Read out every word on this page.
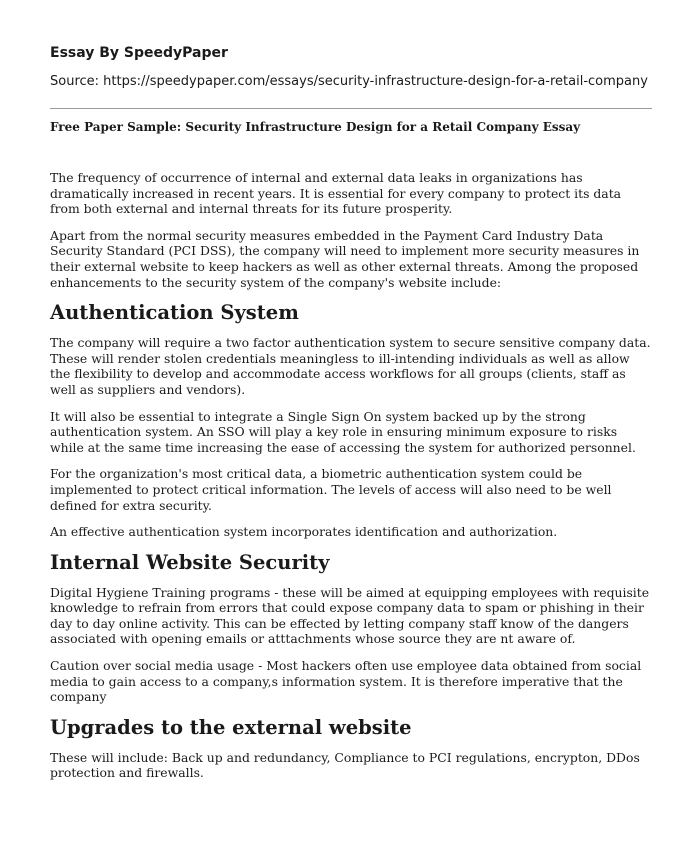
Essay By SpeedyPaper
Source: https://speedypaper.com/essays/security-infrastructure-design-for-a-retail-company
Free Paper Sample: Security Infrastructure Design for a Retail Company Essay

The frequency of occurrence of internal and external data leaks in organizations has dramatically increased in recent years. It is essential for every company to protect its data from both external and internal threats for its future prosperity.

Apart from the normal security measures embedded in the Payment Card Industry Data Security Standard (PCI DSS), the company will need to implement more security measures in their external website to keep hackers as well as other external threats. Among the proposed enhancements to the security system of the company's website include:

Authentication System

The company will require a two factor authentication system to secure sensitive company data. These will render stolen credentials meaningless to ill-intending individuals as well as allow the flexibility to develop and accommodate access workflows for all groups (clients, staff as well as suppliers and vendors).

It will also be essential to integrate a Single Sign On system backed up by the strong authentication system. An SSO will play a key role in ensuring minimum exposure to risks while at the same time increasing the ease of accessing the system for authorized personnel.

For the organization's most critical data, a biometric authentication system could be implemented to protect critical information. The levels of access will also need to be well defined for extra security.

An effective authentication system incorporates identification and authorization.

Internal Website Security

Digital Hygiene Training programs - these will be aimed at equipping employees with requisite knowledge to refrain from errors that could expose company data to spam or phishing in their day to day online activity. This can be effected by letting company staff know of the dangers associated with opening emails or atttachments whose source they are nt aware of.

Caution over social media usage - Most hackers often use employee data obtained from social media to gain access to a company,s information system. It is therefore imperative that the company

Upgrades to the external website

These will include: Back up and redundancy, Compliance to PCI regulations, encrypton, DDos protection and firewalls.
